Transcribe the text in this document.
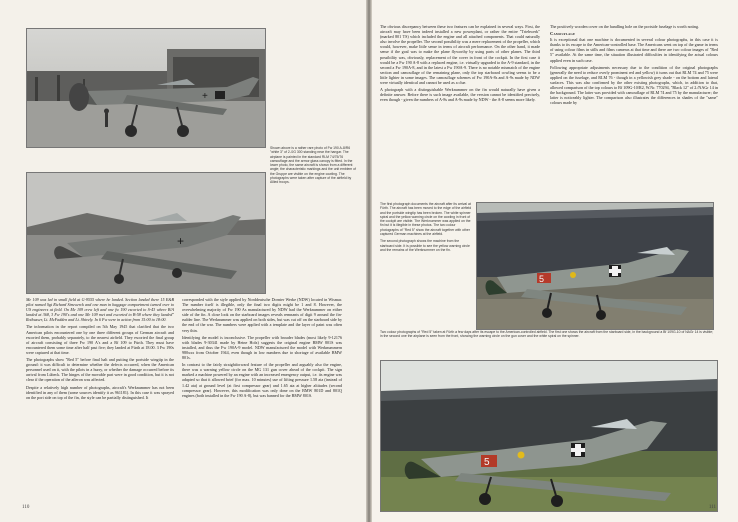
+
+
Shown above is a rather rare photo of Fw 190 A-8/R6 "white 3" of 2./JG 300 standing near the hangar. The airplane is painted in the standard RLM 74/75/76 camouflage and the armor glass canopy is fitted. In the lower photo, the same aircraft is shown from a different angle; the characteristic markings and the unit emblem of the Gruppe are visible on the engine cowling. The photographs were taken after capture of the airfield by Allied troops.

Me 109 was led in small field at G-9555 where he landed. Section landed there 15 E&B pilot named Sgt Richard Struwerck and one man in baggage compartment turned over to US engineers at field. On Me 109 crew left and one fw 190 escorted to S-43 where B/A landed at 368, 3 Fw 190's and one Me 109 met and escorted to B-58 where they landed" Rotbusser, Lt. McFadden and Lt. Shively. In 6 Fw were in action from 15:00 to 18:00.

The information in the report compiled on 5th May 1945 that clarified that the two American pilots encountered one by one three different groups of German aircraft and escorted them, probably separately, to the nearest airfield. They escorted the final group of aircraft consisting of three Fw 190 A's and a Bf 109 to Fürth. They must have encountered them some time after half past five; they landed at Fürth at 18.00. 3 Fw 190s were captured at that time.

The photographs show "Red 5" before final halt and putting the portside wingtip in the ground: it was difficult to determine whether the defects occurred, when the American personnel used on it, with the pilots in a hurry, or whether the damage occurred before its arrival from Lübeck. The hinges of the movable part were in good condition, but it is not clear if the operation of the aileron was affected.

Despite a relatively high number of photographs, aircraft's Werknummer has not been identified in any of them (some sources identify it as 961181). In this case it was sprayed on the port side on top of the fin, the style can be partially distinguished. It

corresponded with the style applied by Norddeutsche Dornier Werke (NDW) located in Wismar. The number itself is illegible, only the final two digits might be 1 and 8. However, the overwhelming majority of Fw 190 As manufactured by NDW had the Werknummer on either side of the fin. A close look on the starboard images reveals remnants of digit 9 around the fin-rudder line. The Werknummer was applied on both sides, but was cut off on the starboard side by the end of the war. The numbers were applied with a template and the layer of paint was often very thin.

Identifying the model is inconclusive. The propeller with broader blades (most likely 9-12176 with blades 9-30341 made by Heine Holz) suggests the original engine BMW 801S was installed, and thus the Fw 190A-9 model. NDW manufactured the model with Werknummern 980xxx from October 1944, even though in low numbers due to shortage of available BMW 801s.

In contrast to the fairly straightforward feature of the propeller and arguably also the engine, there was a warning yellow circle on the MG 131 gun cover ahead of the cockpit. The sign marked a machine powered by an engine with an increased emergency output, i.e. its engine was adapted so that it allowed brief (for max. 10 minutes) use of lifting pressure 1.58 ata (instead of 1.42 ata) at ground level (at first compressor gear) and 1.65 ata at higher altitudes (second compressor gear). However, this modification was only done on the BMW 801D and 801Q engines (both installed in the Fw 190 A-8), but was banned for the BMW 801S.

110

The obvious discrepancy between these two features can be explained in several ways. First, the aircraft may have been indeed installed a new powerplant, or rather the entire "Triebwerk" (marked 801 TS) which included the engine and all attached components. That could naturally also involve the propeller. The second possibility was a mere replacement of the propeller, which would, however, make little sense in terms of aircraft performance. On the other hand, it made sense if the goal was to make the plane flyworthy by using parts of other planes. The third possibility was, obviously, replacement of the cover in front of the cockpit. In the first case it would be a Fw 190 A-8 with a replaced engine, i.e. virtually upgraded to the A-9 standard, in the second a Fw 190A-8, and in the latest a Fw 190A-9. There is no notable mismatch of the engine section and camouflage of the remaining plane, only the top starboard cowling seems to be a little lighter in some images. The camouflage schemes of Fw 190A-8s and A-9s made by NDW were virtually identical and cannot be used as a clue.

A photograph with a distinguishable Werknummer on the fin would naturally have given a definite answer. Before there is such image available, the version cannot be identified precisely, even though - given the numbers of A-8s and A-9s made by NDW - the A-8 seems more likely.

The positively wooden cover on the handling hole on the portside fuselage is worth noting.

Camouflage

It is exceptional that one machine is documented in several colour photographs, in this case it is thanks to its escape to the American-controlled base. The Americans went on top of the game in terms of using colour films in stills and films cameras at that time and there are two colour images of "Red 5" available. At the same time, the situation illustrated difficulties in identifying the actual colours applied even in such case.

Following appropriate adjustments necessary due to the condition of the original photographs (generally the need to reduce overly prominent red and yellow) it turns out that RLM 74 and 75 were applied on the fuselage, and RLM 76 - though in a yellowish grey shade - on the bottom and lateral surfaces. This was also confirmed by the other existing photographs, which, in addition to that, allowed comparison of the top colours to Bf 109G-10/R2, W.Nr. 770294, "Black 12" of 2./NAGr 14 in the background. The latter was provided with camouflage of RLM 74 and 75 by the manufacturer; the latter is noticeably lighter. The comparison also illustrates the differences in shades of the "same" colours made by

The first photograph documents the aircraft after its arrival at Fürth. The aircraft has been moved to the edge of the airfield and the portside wingtip has been broken. The white spinner spiral and the yellow warning circle on the cowling in front of the cockpit are visible. The Werknummer was applied on the fin but it is illegible in these photos. The two colour photographs of "Red 5" show the aircraft together with other captured German machines at the airfield.
The second photograph shows the machine from the starboard side. It is possible to see the yellow warning circle and the remains of the Werknummer on the fin.
5
Two colour photographs of "Red 5" taken at Fürth a few days after its escape to the American-controlled airfield. The first one shows the aircraft from the starboard side, in the background a Bf 109G-10 of NAGr 14 is visible; in the second one the airplane is seen from the front, showing the warning circle on the gun cover and the white spiral on the spinner.
5
111
